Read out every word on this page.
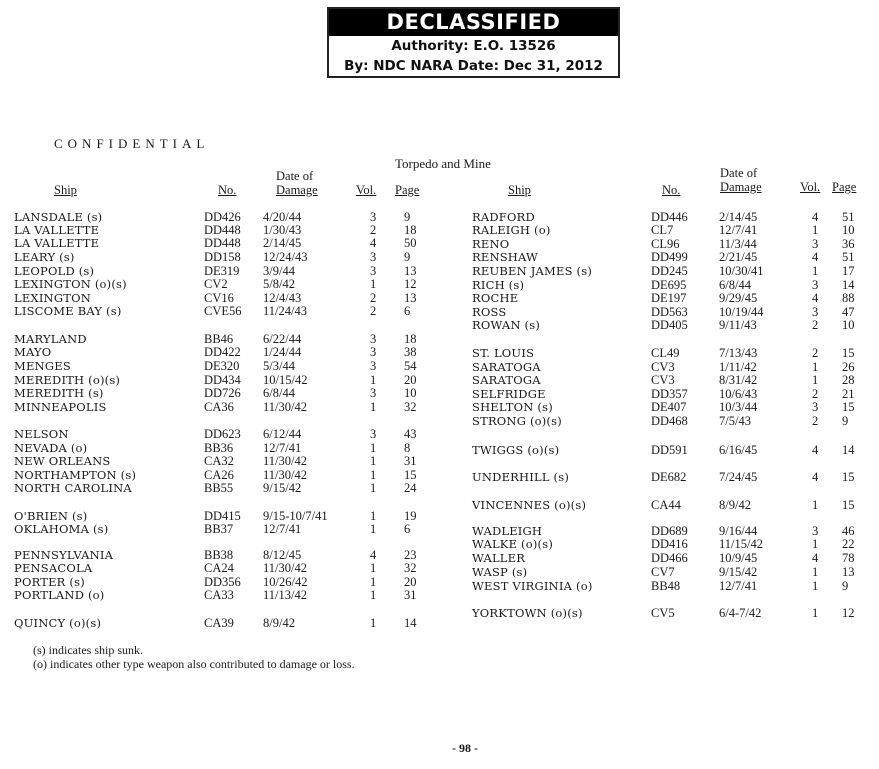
DECLASSIFIED
Authority: E.O. 13526
By: NDC NARA Date: Dec 31, 2012
CONFIDENTIAL
Torpedo and Mine
Ship	No.
Date of
Damage	Vol. Page	Ship	No.
Date of
Damage	Vol. Page
LANSDALE (s)	DD426 4/20/44	3 9
LA VALLETTE	DD448 1/30/43	2 18
LA VALLETTE	DD448 2/14/45	4 50
LEARY (s)	DD158 12/24/43	3 9
LEOPOLD (s)	DE319 3/9/44	3 13
LEXINGTON (o)(s)	CV2	5/8/42	1 12
LEXINGTON	CV16 12/4/43	2 13
LISCOME BAY (s)	CVE56 11/24/43	2 6
MARYLAND	BB46 6/22/44	3 18
MAYO	DD422 1/24/44	3 38
MENGES	DE320 5/3/44	3 54
MEREDITH (o)(s)	DD434 10/15/42	1 20
MEREDITH (s)	DD726 6/8/44	3 10
MINNEAPOLIS	CA36 11/30/42	1 32
NELSON	DD623 6/12/44	3 43
NEVADA (o)	BB36 12/7/41	1 8
NEW ORLEANS	CA32 11/30/42	1 31
NORTHAMPTON (s)	CA26 11/30/42	1 15
NORTH CAROLINA	BB55 9/15/42	1 24
O'BRIEN (s)	DD415 9/15-10/7/41	1 19
OKLAHOMA (s)	BB37 12/7/41	1 6
PENNSYLVANIA	BB38 8/12/45	4 23
PENSACOLA	CA24 11/30/42	1 32
PORTER (s)	DD356 10/26/42	1 20
PORTLAND (o)	CA33 11/13/42	1 31
QUINCY (o)(s)	CA39 8/9/42	1 14
RADFORD	DD446 2/14/45	4 51
RALEIGH (o)	CL7	12/7/41	1 10
RENO	CL96	11/3/44	3 36
RENSHAW	DD499 2/21/45	4 51
REUBEN JAMES (s)	DD245 10/30/41	1 17
RICH (s)	DE695	6/8/44	3 14
ROCHE	DE197	9/29/45	4 88
ROSS	DD563 10/19/44	3 47
ROWAN (s)	DD405 9/11/43	2 10
ST. LOUIS	CL49	7/13/43	2 15
SARATOGA	CV3	1/11/42	1 26
SARATOGA	CV3	8/31/42	1 28
SELFRIDGE	DD357 10/6/43	2 21
SHELTON (s)	DE407	10/3/44	3 15
STRONG (o)(s)	DD468 7/5/43	2 9
TWIGGS (o)(s)	DD591 6/16/45	4 14
UNDERHILL (s)	DE682	7/24/45	4 15
VINCENNES (o)(s)	CA44	8/9/42	1 15
WADLEIGH	DD689 9/16/44	3 46
WALKE (o)(s)	DD416 11/15/42	1 22
WALLER	DD466 10/9/45	4 78
WASP (s)	CV7	9/15/42	1 13
WEST VIRGINIA (o)	BB48	12/7/41	1 9
YORKTOWN (o)(s)	CV5	6/4-7/42	1 12
(s) indicates ship sunk.
(o) indicates other type weapon also contributed to damage or loss.
- 98 -
